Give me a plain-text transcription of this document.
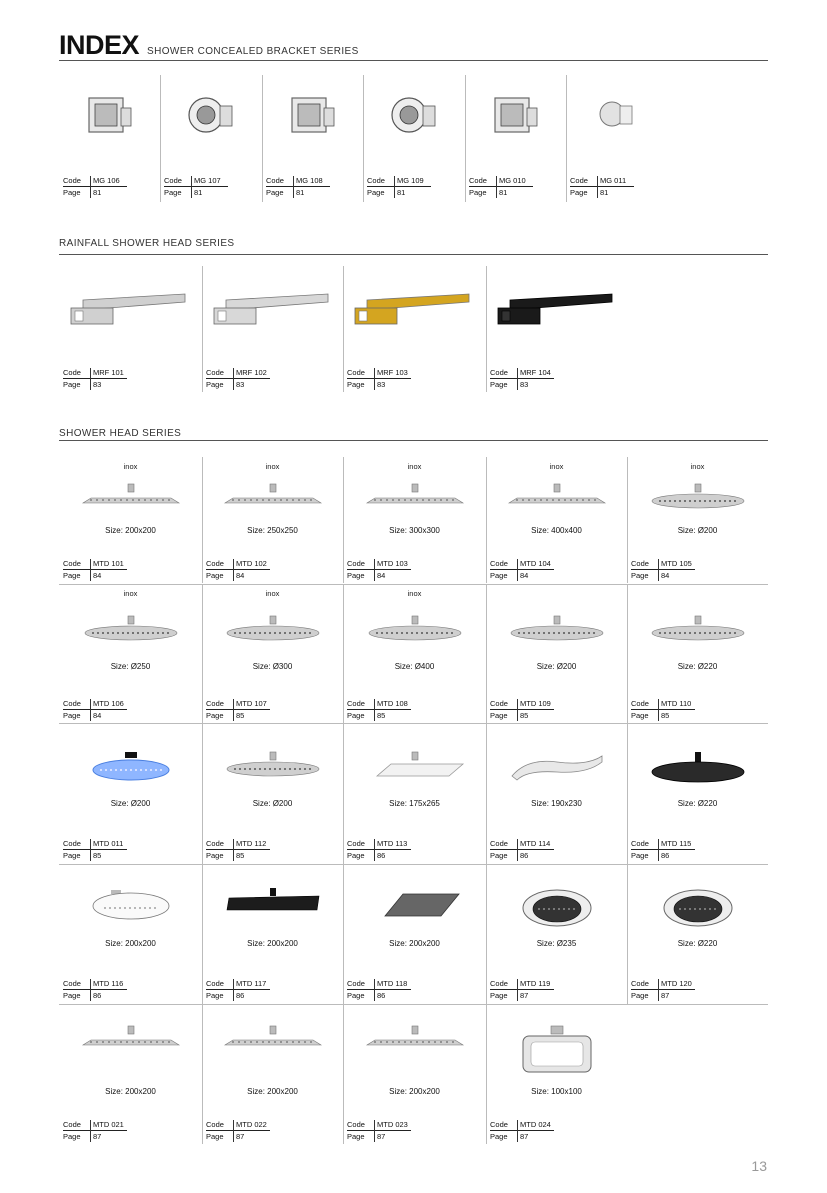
INDEX SHOWER CONCEALED BRACKET SERIES
Code MG 106
Page 81
Code MG 107
Page 81
Code MG 108
Page 81
Code MG 109
Page 81
Code MG 010
Page 81
Code MG 011
Page 81
RAINFALL SHOWER HEAD SERIES
Code MRF 101
Page 83
Code MRF 102
Page 83
Code MRF 103
Page 83
Code MRF 104
Page 83
SHOWER HEAD SERIES
inox
Size: 200x200
Code MTD 101
Page 84
inox
Size: 250x250
Code MTD 102
Page 84
inox
Size: 300x300
Code MTD 103
Page 84
inox
Size: 400x400
Code MTD 104
Page 84
inox
Size: Ø200
Code MTD 105
Page 84
inox
Size: Ø250
Code MTD 106
Page 84
inox
Size: Ø300
Code MTD 107
Page 85
inox
Size: Ø400
Code MTD 108
Page 85
Size: Ø200
Code MTD 109
Page 85
Size: Ø220
Code MTD 110
Page 85
Size: Ø200
Code MTD 011
Page 85
Size: Ø200
Code MTD 112
Page 85
Size: 175x265
Code MTD 113
Page 86
Size: 190x230
Code MTD 114
Page 86
Size: Ø220
Code MTD 115
Page 86
Size: 200x200
Code MTD 116
Page 86
Size: 200x200
Code MTD 117
Page 86
Size: 200x200
Code MTD 118
Page 86
Size: Ø235
Code MTD 119
Page 87
Size: Ø220
Code MTD 120
Page 87
Size: 200x200
Code MTD 021
Page 87
Size: 200x200
Code MTD 022
Page 87
Size: 200x200
Code MTD 023
Page 87
Size: 100x100
Code MTD 024
Page 87
13
